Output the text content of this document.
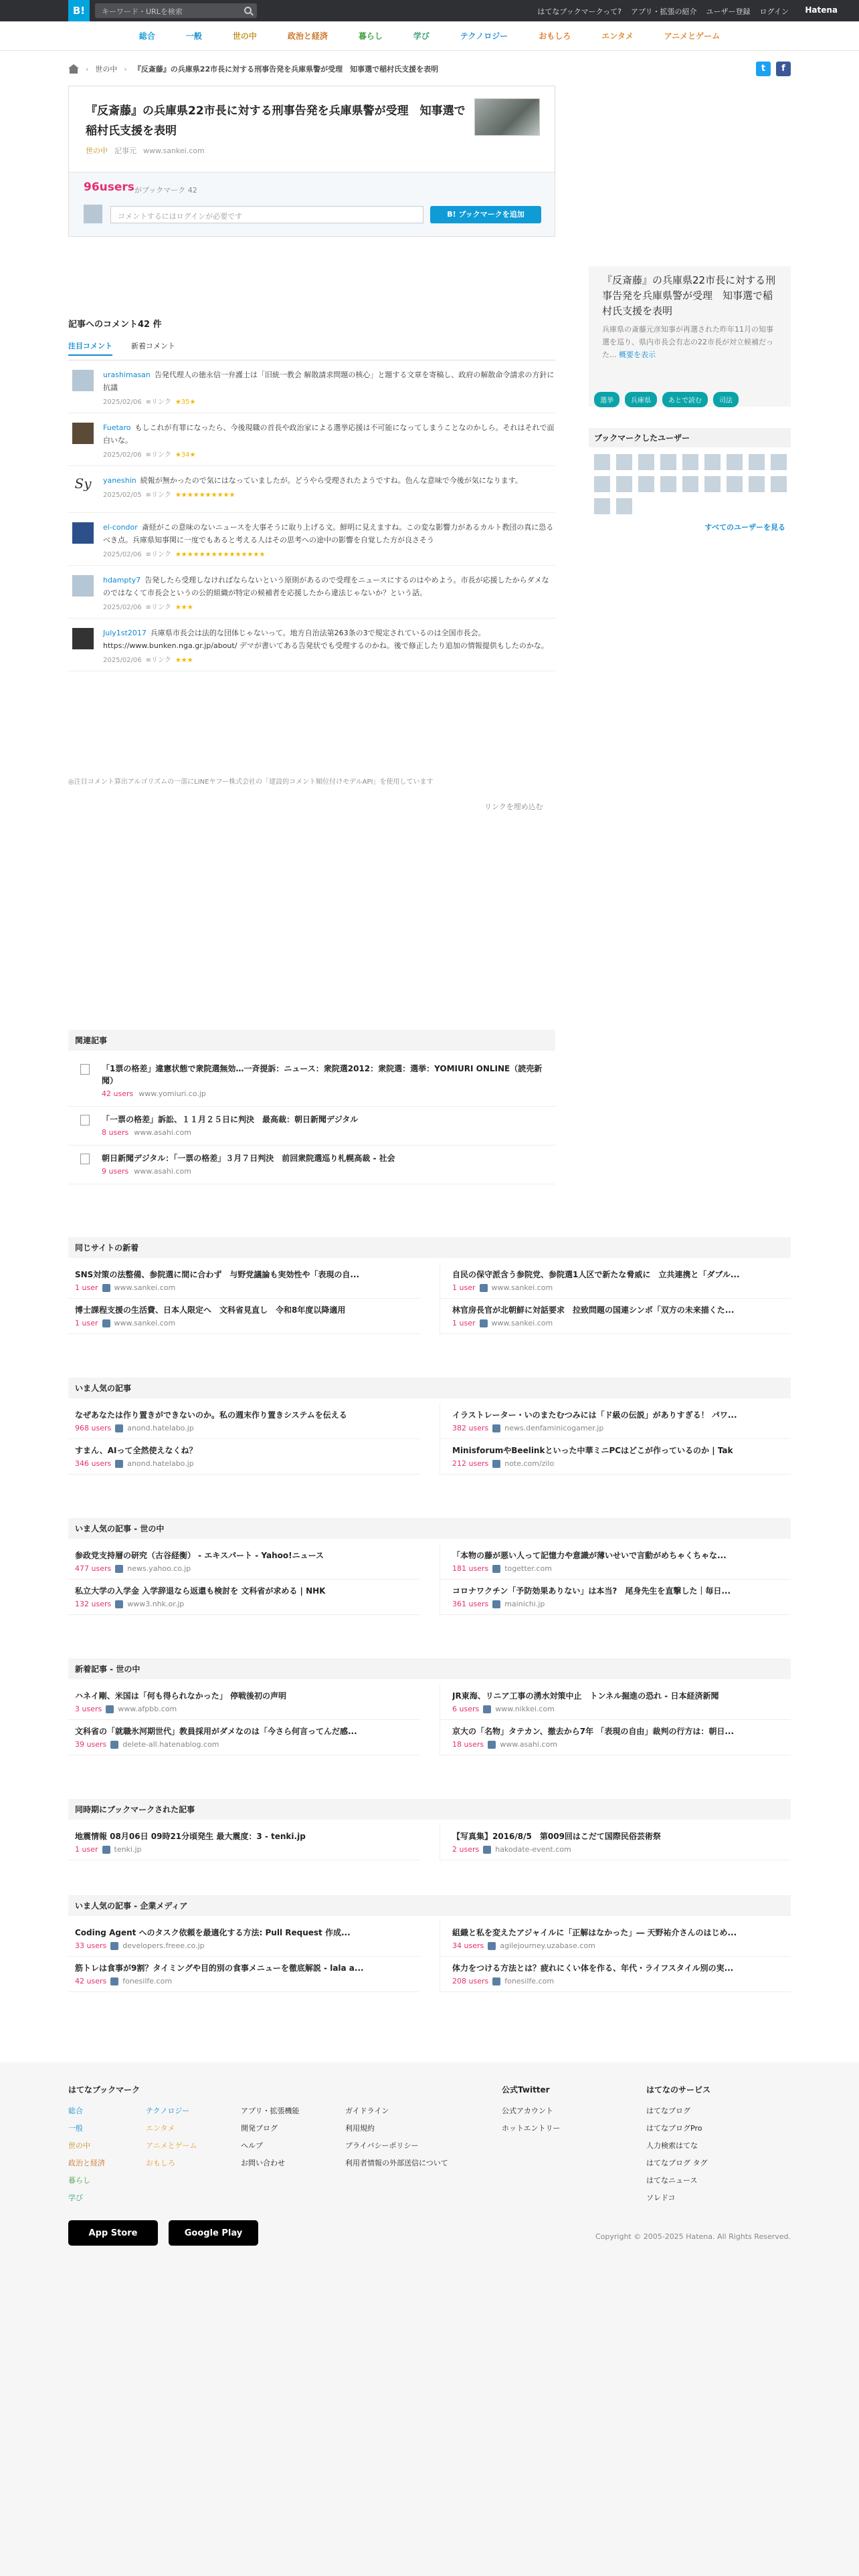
B!	キーワード・URLを検索	はてなブックマークって? アプリ・拡張の紹介 ユーザー登録 ログイン Hatena
総合	一般	世の中	政治と経済	暮らし	学び	テクノロジー	おもしろ	エンタメ	アニメとゲーム
› 世の中 › 『反斎藤』の兵庫県22市長に対する刑事告発を兵庫県警が受理　知事選で稲村氏支援を表明	t	f
『反斎藤』の兵庫県22市長に対する刑事告発を兵庫県警が受理　知事選で稲村氏支援を表明
世の中 記事元 www.sankei.com
96users がブックマーク 42
コメントするにはログインが必要です	B! ブックマークを追加
『反斎藤』の兵庫県22市長に対する刑事告発を兵庫県警が受理　知事選で稲村氏支援を表明

兵庫県の斎藤元彦知事が再選された昨年11月の知事選を巡り、県内市長会有志の22市長が対立候補だった... 概要を表示

選挙	兵庫県	あとで読む	司法
ブックマークしたユーザー
すべてのユーザーを見る
記事へのコメント42 件
注目コメント	新着コメント
urashimasan 告発代理人の徳永信一弁護士は「旧統一教会 解散請求問題の核心」と題する文章を寄稿し、政府の解散命令請求の方針に抗議
2025/02/06 ≡リンク ★35★
Fuetaro もしこれが有罪になったら、今後現職の首長や政治家による選挙応援は不可能になってしまうことなのかしら。それはそれで面白いな。
2025/02/06 ≡リンク ★34★
Sy	yaneshin 続報が無かったので気にはなっていましたが。どうやら受理されたようですね。色んな意味で今後が気になります。
2025/02/05 ≡リンク ★★★★★★★★★★
el-condor 斎経がこの意味のないニュースを大事そうに取り上げる文。鮮明に見えますね。この変な影響力があるカルト教団の真に恐るべき点。兵庫県知事関に一度でもあると考える人はその思考への途中の影響を自覚した方が良さそう
2025/02/06 ≡リンク ★★★★★★★★★★★★★★★
hdampty7 告発したら受理しなければならないという原則があるので受理をニュースにするのはやめよう。市長が応援したからダメなのではなくて市長会というの公的組織が特定の候補者を応援したから違法じゃないか？という話。
2025/02/06 ≡リンク ★★★
July1st2017 兵庫県市長会は法的な団体じゃないって。地方自治法第263条の3で規定されているのは全国市長会。 https://www.bunken.nga.gr.jp/about/ デマが書いてある告発状でも受理するのかね。後で修正したり追加の情報提供もしたのかな。
2025/02/06 ≡リンク ★★★
◎注目コメント算出アルゴリズムの一部にLINEヤフー株式会社の「建設的コメント順位付けモデルAPI」を使用しています
リンクを埋め込む
関連記事
「1票の格差」違憲状態で衆院選無効…一斉提訴：ニュース：衆院選2012：衆院選：選挙：YOMIURI ONLINE（読売新聞）
42 users www.yomiuri.co.jp
「一票の格差」訴訟、１１月２５日に判決　最高裁：朝日新聞デジタル
8 users www.asahi.com
朝日新聞デジタル：「一票の格差」３月７日判決　前回衆院選巡り札幌高裁 - 社会
9 users www.asahi.com
同じサイトの新着
SNS対策の法整備、参院選に間に合わず　与野党議論も実効性や「表現の自...
1 user www.sankei.com
自民の保守派含う参院党、参院選1人区で新たな脅威に　立共連携と「ダブル...
1 user www.sankei.com
博士課程支援の生活費、日本人限定へ　文科省見直し　令和8年度以降適用
1 user www.sankei.com
林官房長官が北朝鮮に対話要求　拉致問題の国連シンポ「双方の未来描くた...
1 user www.sankei.com
いま人気の記事
なぜあなたは作り置きができないのか。私の週末作り置きシステムを伝える
968 users anond.hatelabo.jp
イラストレーター・いのまたむつみには「ド級の伝説」がありすぎる！ パワ...
382 users news.denfaminicogamer.jp
すまん、AIって全然使えなくね？
346 users anond.hatelabo.jp
MinisforumやBeelinkといった中華ミニPCはどこが作っているのか | Tak
212 users note.com/zilo
いま人気の記事 - 世の中
参政党支持層の研究（古谷経衡） - エキスパート - Yahoo!ニュース
477 users news.yahoo.co.jp
「本物の藤が悪い人って記憶力や意識が薄いせいで言動がめちゃくちゃな...
181 users togetter.com
私立大学の入学金 入学辞退なら返還も検討を 文科省が求める | NHK
132 users www3.nhk.or.jp
コロナワクチン「予防効果ありない」は本当?　尾身先生を直撃した｜毎日...
361 users mainichi.jp
新着記事 - 世の中
ハネイ剛、米国は「何も得られなかった」 停戦後初の声明
3 users www.afpbb.com
JR東海、リニア工事の湧水対策中止　トンネル掘進の恐れ - 日本経済新聞
6 users www.nikkei.com
文科省の「就職氷河期世代」教員採用がダメなのは「今さら何言ってんだ感...
39 users delete-all.hatenablog.com
京大の「名物」タテカン、撤去から7年 「表現の自由」裁判の行方は：朝日...
18 users www.asahi.com
同時期にブックマークされた記事
地震情報 08月06日 09時21分頃発生 最大震度：3 - tenki.jp
1 user tenki.jp
【写真集】2016/8/5　第009回はこだて国際民俗芸術祭
2 users hakodate-event.com
いま人気の記事 - 企業メディア
Coding Agent へのタスク依頼を最適化する方法: Pull Request 作成...
33 users developers.freee.co.jp
組織と私を変えたアジャイルに「正解はなかった」― 天野祐介さんのはじめ...
34 users agilejourney.uzabase.com
筋トレは食事が9割？タイミングや目的別の食事メニューを徹底解説 - lala a...
42 users fonesilfe.com
体力をつける方法とは？疲れにくい体を作る、年代・ライフスタイル別の実...
208 users fonesilfe.com
はてなブックマーク
総合
一般
世の中
政治と経済
暮らし
学び
テクノロジー
エンタメ
アニメとゲーム
おもしろ
アプリ・拡張機能
開発ブログ
ヘルプ
お問い合わせ
ガイドライン
利用規約
プライバシーポリシー
利用者情報の外部送信について
公式Twitter
公式アカウント
ホットエントリー
はてなのサービス
はてなブログ
はてなブログPro
人力検索はてな
はてなブログ タグ
はてなニュース
ソレドコ
App Store	Google Play	Copyright © 2005-2025 Hatena. All Rights Reserved.
